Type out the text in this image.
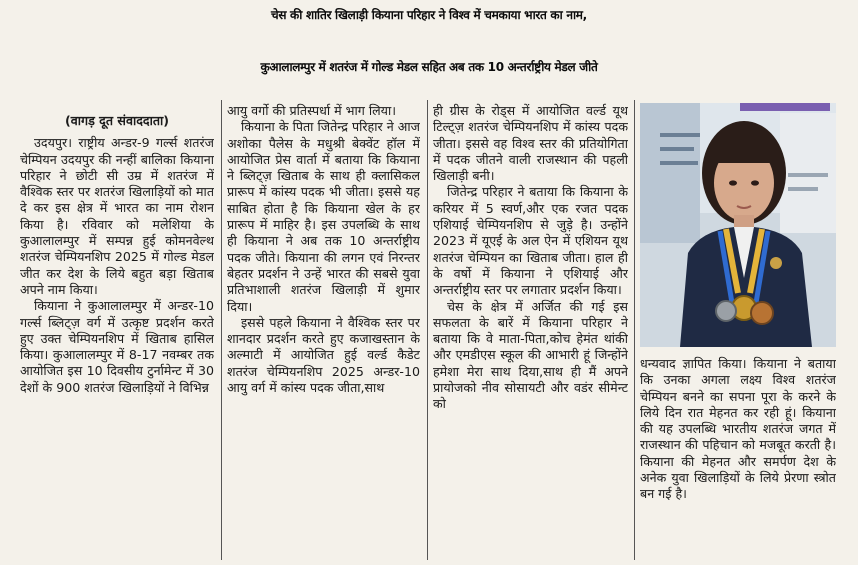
चेस की शातिर खिलाड़ी कियाना परिहार ने विश्व में चमकाया भारत का नाम,
कुआलालम्पुर में शतरंज में गोल्ड मेडल सहित अब तक 10 अन्तर्राष्ट्रीय मेडल जीते
(वागड़ दूत संवाददाता)

उदयपुर। राष्ट्रीय अन्डर-9 गर्ल्स शतरंज चेम्पियन उदयपुर की नन्हीं बालिका कियाना परिहार ने छोटी सी उम्र में शतरंज में वैश्विक स्तर पर शतरंज खिलाड़ियों को मात दे कर इस क्षेत्र में भारत का नाम रोशन किया है। रविवार को मलेशिया के कुआलालम्पुर में सम्पन्न हुई कोमनवेल्थ शतरंज चेम्पियनशिप 2025 में गोल्ड मेडल जीत कर देश के लिये बहुत बड़ा खिताब अपने नाम किया।

कियाना ने कुआलालम्पुर में अन्डर-10 गर्ल्स ब्लिट्ज़ वर्ग में उत्कृष्ट प्रदर्शन करते हुए उक्त चेम्पियनशिप में खिताब हासिल किया। कुआलालम्पुर में 8-17 नवम्बर तक आयोजित इस 10 दिवसीय टुर्नामेन्ट में 30 देशों के 900 शतरंज खिलाड़ियों ने विभिन्न

आयु वर्गो की प्रतिस्पर्धा में भाग लिया।

कियाना के पिता जितेन्द्र परिहार ने आज अशोका पैलेस के मधुश्री बेक्वेंट हॉल में आयोजित प्रेस वार्ता में बताया कि कियाना ने ब्लिट्ज़ खिताब के साथ ही क्लासिकल प्रारूप में कांस्य पदक भी जीता। इससे यह साबित होता है कि कियाना खेल के हर प्रारूप में माहिर है। इस उपलब्धि के साथ ही कियाना ने अब तक 10 अन्तर्राष्ट्रीय पदक जीते। कियाना की लगन एवं निरन्तर बेहतर प्रदर्शन ने उन्हें भारत की सबसे युवा प्रतिभाशाली शतरंज खिलाड़ी में शुमार दिया।

इससे पहले कियाना ने वैश्विक स्तर पर शानदार प्रदर्शन करते हुए कजाखस्तान के अल्माटी में आयोजित हुई वर्ल्ड कैडेट शतरंज चेम्पियनशिप 2025 अन्डर-10 आयु वर्ग में कांस्य पदक जीता,साथ

ही ग्रीस के रोड्स में आयोजित वर्ल्ड यूथ टिल्ट्ज़ शतरंज चेम्पियनशिप में कांस्य पदक जीता। इससे वह विश्व स्तर की प्रतियोगिता में पदक जीतने वाली राजस्थान की पहली खिलाड़ी बनी।

जितेन्द्र परिहार ने बताया कि कियाना के करियर में 5 स्वर्ण,और एक रजत पदक एशियाई चेम्पियनशिप से जुड़े है। उन्होंने 2023 में यूएई के अल ऐन में एशियन यूथ शतरंज चेम्पियन का खिताब जीता। हाल ही के वर्षो में कियाना ने एशियाई और अन्तर्राष्ट्रीय स्तर पर लगातार प्रदर्शन किया।

चेस के क्षेत्र में अर्जित की गई इस सफलता के बारें में कियाना परिहार ने बताया कि वे माता-पिता,कोच हेमंत थांकी और एमडीएस स्कूल की आभारी हूं जिन्होंने हमेशा मेरा साथ दिया,साथ ही मैं अपने प्रायोजको नीव सोसायटी और वडंर सीमेन्ट को

धन्यवाद ज्ञापित किया। कियाना ने बताया कि उनका अगला लक्ष्य विश्व शतरंज चेम्पियन बनने का सपना पूरा के करने के लिये दिन रात मेहनत कर रही हूं। कियाना की यह उपलब्धि भारतीय शतरंज जगत में राजस्थान की पहिचान को मजबूत करती है। कियाना की मेहनत और समर्पण देश के अनेक युवा खिलाड़ियों के लिये प्रेरणा स्त्रोत बन गई है।
